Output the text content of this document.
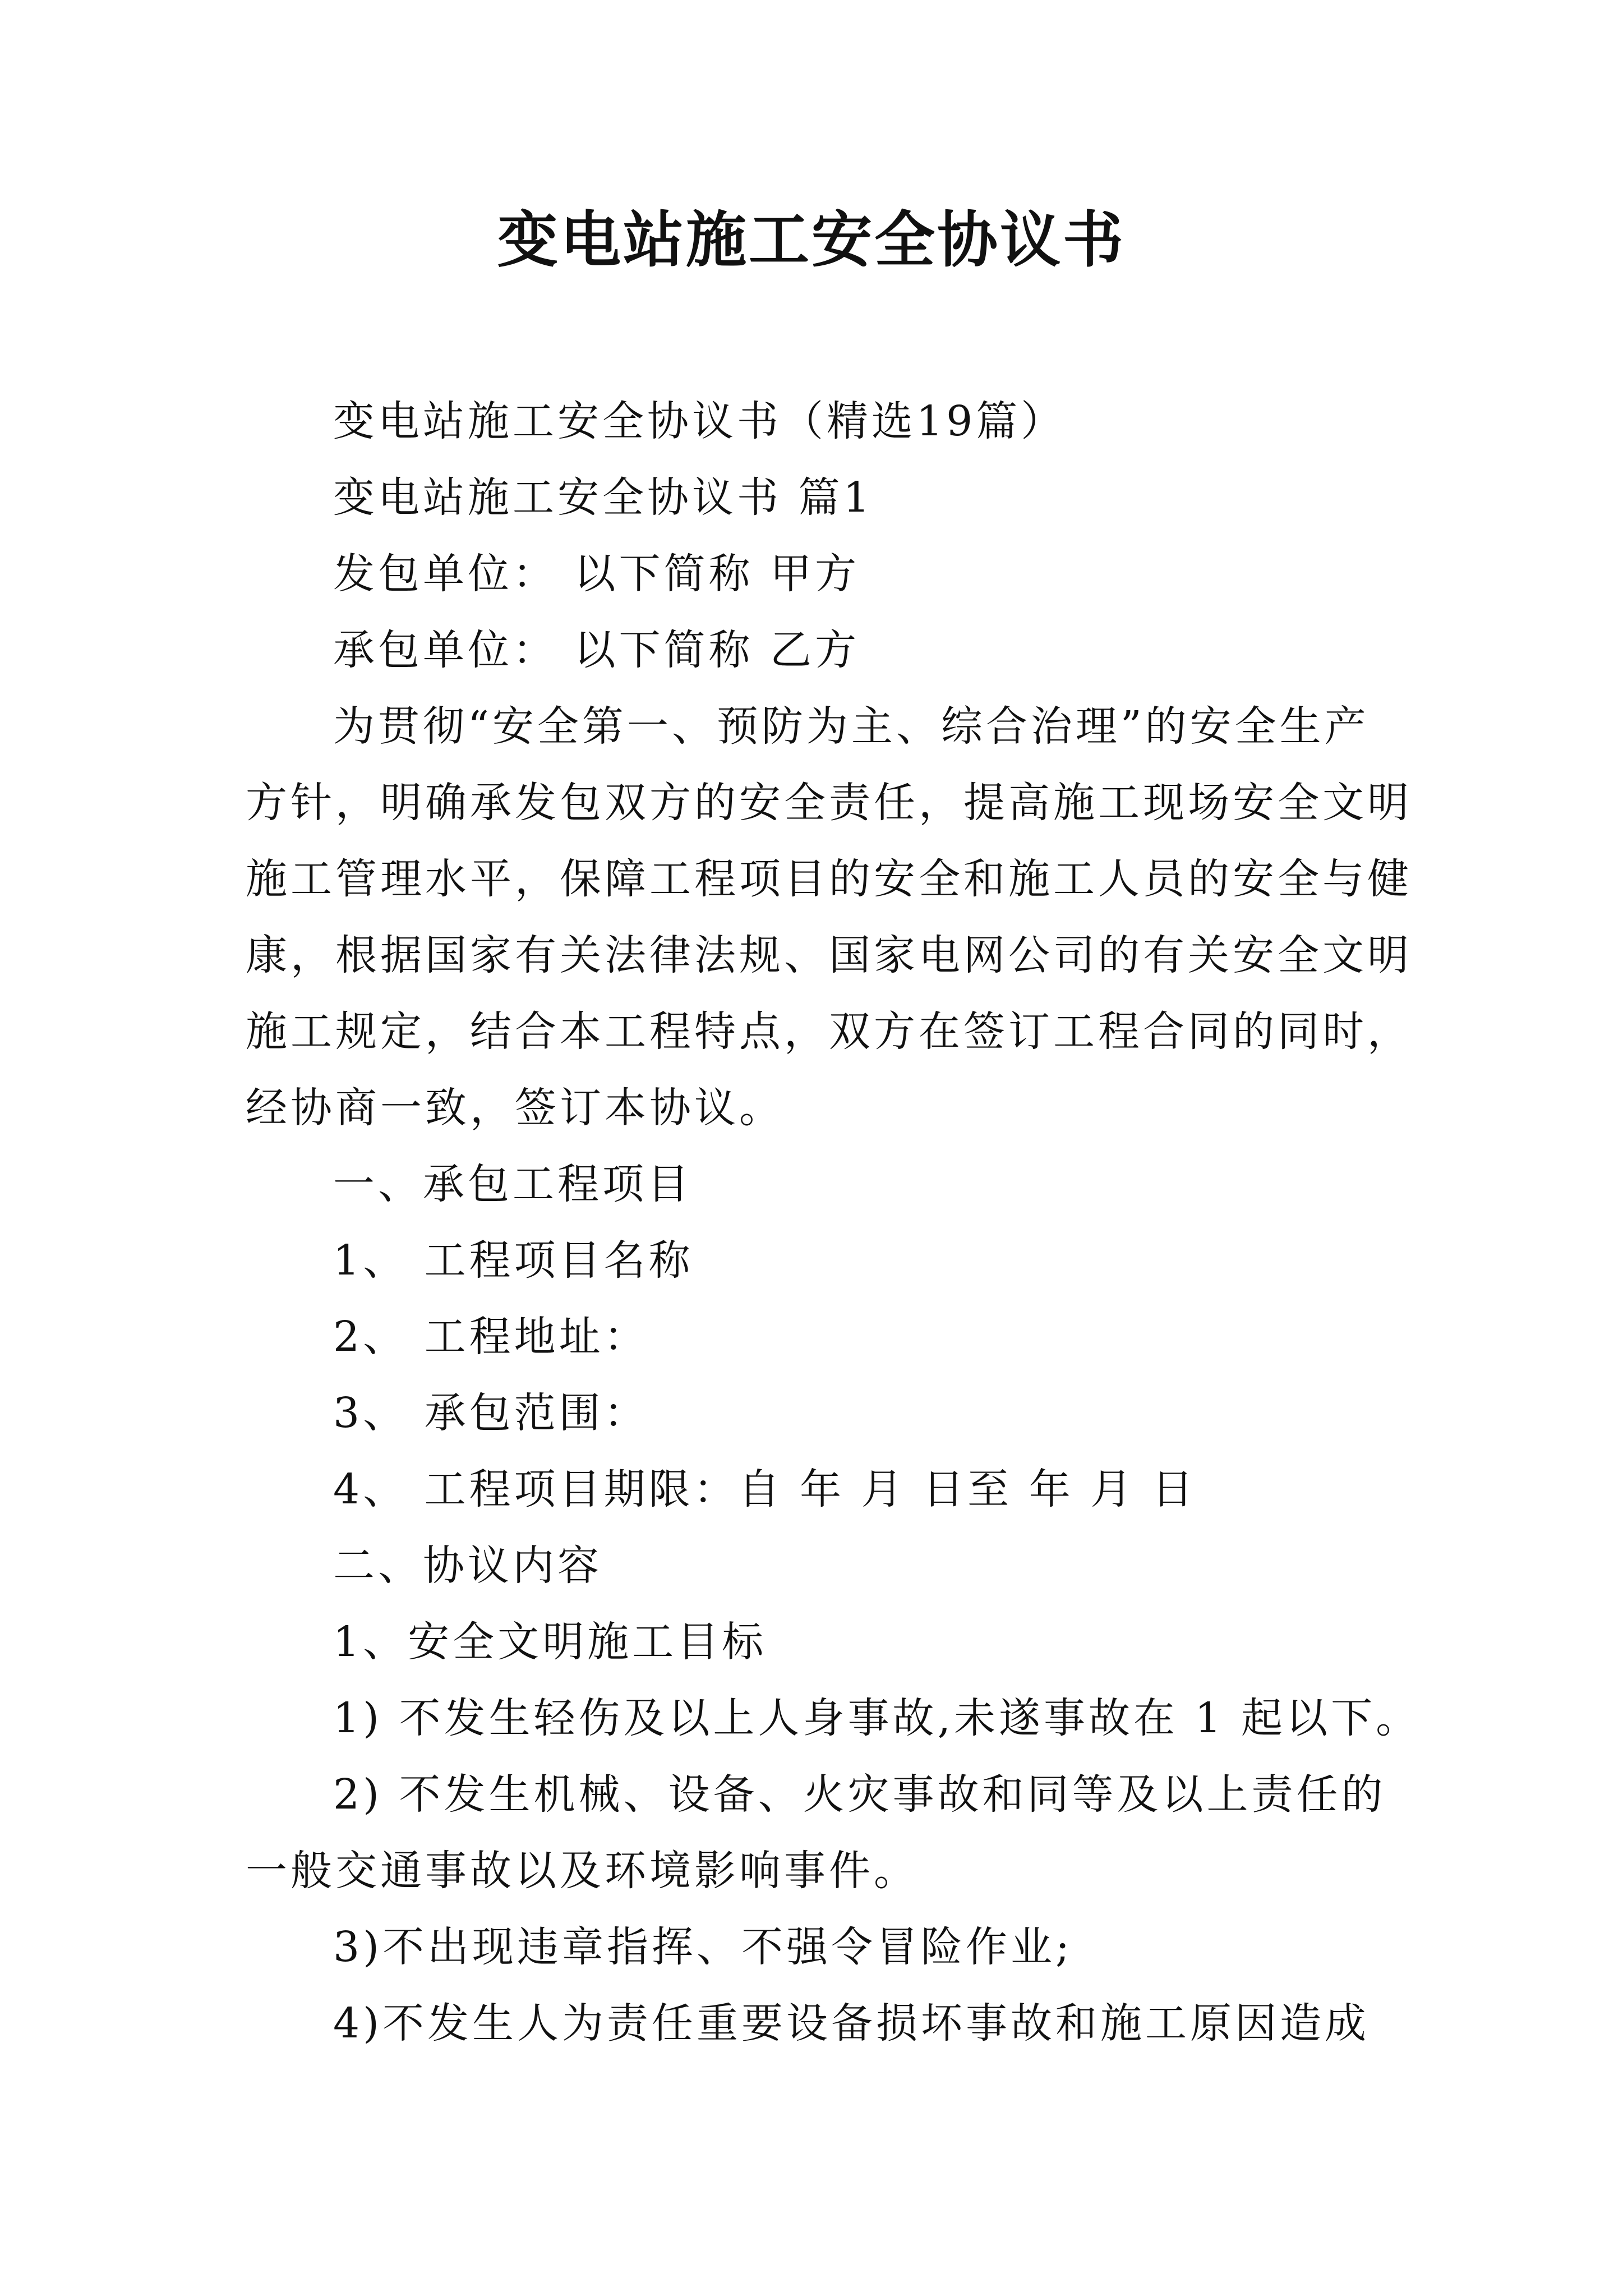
变电站施工安全协议书
变电站施工安全协议书（精选19篇）
变电站施工安全协议书 篇1
发包单位： 以下简称 甲方
承包单位： 以下简称 乙方
为贯彻“安全第一、预防为主、综合治理”的安全生产
方针，明确承发包双方的安全责任，提高施工现场安全文明
施工管理水平，保障工程项目的安全和施工人员的安全与健
康，根据国家有关法律法规、国家电网公司的有关安全文明
施工规定，结合本工程特点，双方在签订工程合同的同时，
经协商一致，签订本协议。
一、承包工程项目
1、 工程项目名称
2、 工程地址：
3、 承包范围：
4、 工程项目期限：自 年 月 日至 年 月 日
二、协议内容
1、安全文明施工目标
1) 不发生轻伤及以上人身事故,未遂事故在 1 起以下。
2) 不发生机械、设备、火灾事故和同等及以上责任的
一般交通事故以及环境影响事件。
3)不出现违章指挥、不强令冒险作业;
4)不发生人为责任重要设备损坏事故和施工原因造成
